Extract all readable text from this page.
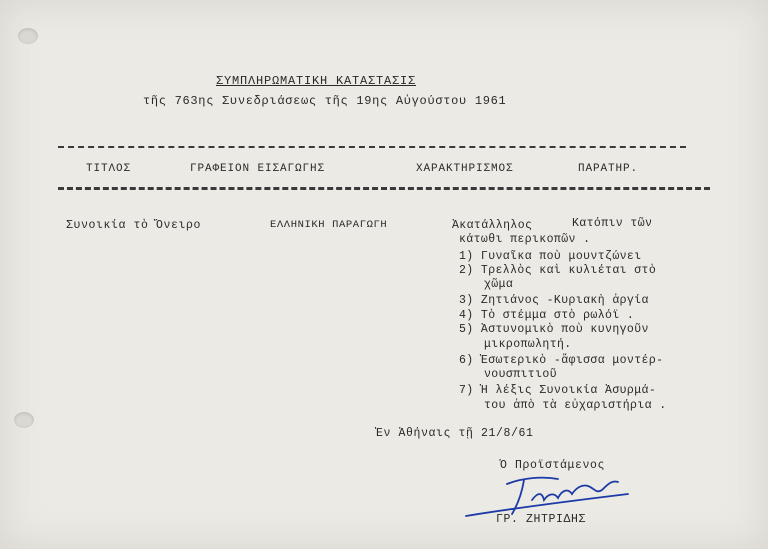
ΣΥΜΠΛΗΡΩΜΑΤΙΚΗ ΚΑΤΑΣΤΑΣΙΣ
τῆς 763ης Συνεδριάσεως τῆς 19ης Αὐγούστου 1961
ΤΙΤΛΟΣ	ΓΡΑΦΕΙΟΝ ΕΙΣΑΓΩΓΗΣ	ΧΑΡΑΚΤΗΡΙΣΜΟΣ	ΠΑΡΑΤΗΡ.
Συνοικία τὸ Ὄνειρο	ΕΛΛΗΝΙΚΗ ΠΑΡΑΓΩΓΗ	Ἀκατάλληλος	Κατόπιν τῶν
κάτωθι περικοπῶν .
1) Γυναῖκα ποὺ μουντζώνει
2) Τρελλὸς καὶ κυλιέται στὸ
χῶμα
3) Ζητιάνος -Κυριακὴ ἀργία
4) Τὸ στέμμα στὸ ρωλόϊ .
5) Ἀστυνομικὸ ποὺ κυνηγοῦν
μικροπωλητή.
6) Ἐσωτερικὸ -ἄφισσα μοντέρ-
νουσπιτιοῦ
7) Ἡ λέξις Συνοικία Ἀσυρμά-
του ἀπὸ τὰ εὐχαριστήρια .
Ἐν Ἀθήναις τῇ 21/8/61
Ὁ Προϊστάμενος
ΓΡ. ΖΗΤΡΙΔΗΣ
